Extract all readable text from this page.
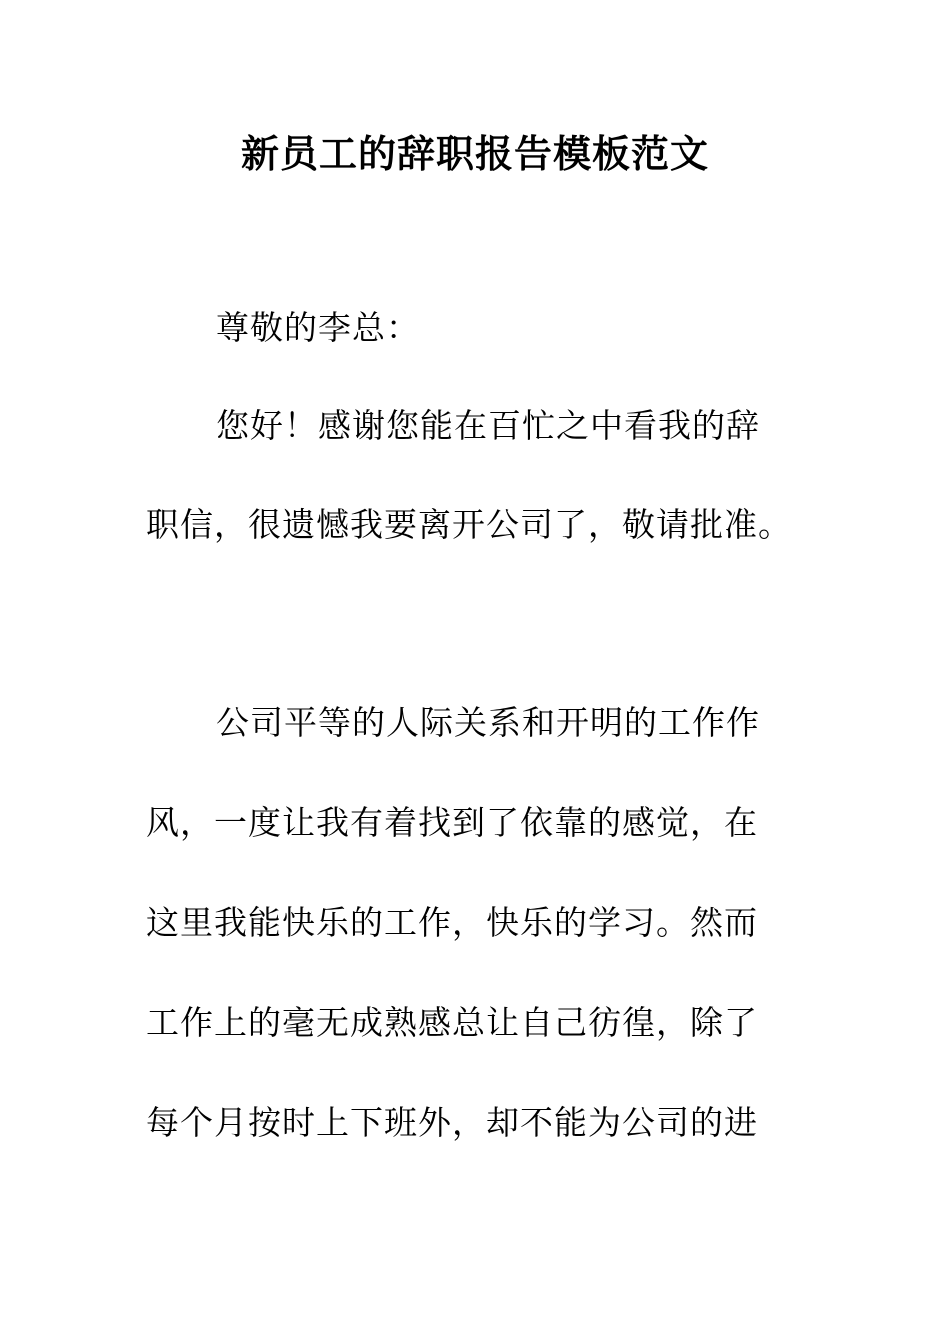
新员工的辞职报告模板范文

尊敬的李总：

您好！感谢您能在百忙之中看我的辞

职信，很遗憾我要离开公司了，敬请批准。

公司平等的人际关系和开明的工作作

风，一度让我有着找到了依靠的感觉，在

这里我能快乐的工作，快乐的学习。然而

工作上的毫无成熟感总让自己彷徨，除了

每个月按时上下班外，却不能为公司的进
